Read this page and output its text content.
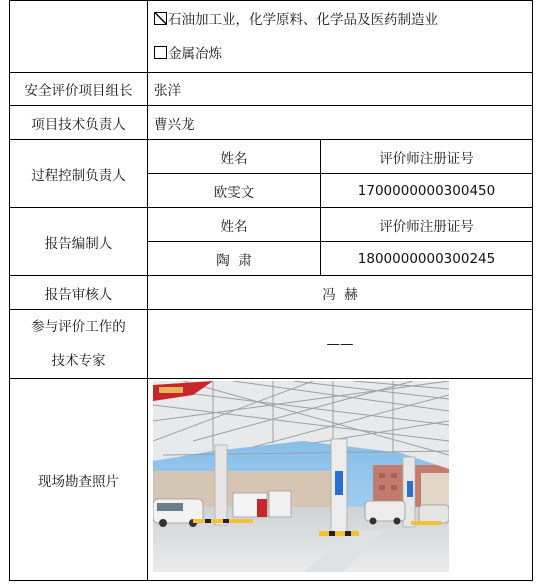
	石油加工业，化学原料、化学品及医药制造业
金属冶炼	

安全评价项目组长	张洋	
项目技术负责人	曹兴龙	
过程控制负责人	姓名	评价师注册证号
	欧雯文	1700000000300450
报告编制人	姓名	评价师注册证号
	陶  肃	1800000000300245
报告审核人	冯  赫	

参与评价工作的
技术专家	——	
现场勘查照片	
